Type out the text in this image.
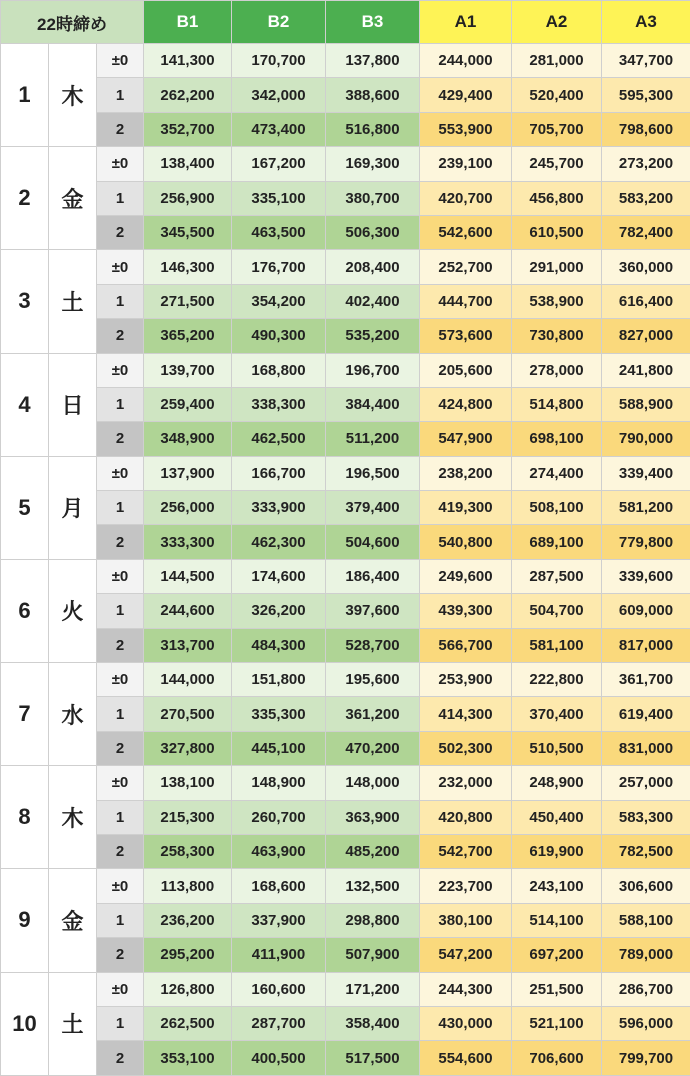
22時締め			B1	B2	B3	A1	A2	A3
1	木	±0	141,300	170,700	137,800	244,000	281,000	347,700
		1	262,200	342,000	388,600	429,400	520,400	595,300
		2	352,700	473,400	516,800	553,900	705,700	798,600
2	金	±0	138,400	167,200	169,300	239,100	245,700	273,200
		1	256,900	335,100	380,700	420,700	456,800	583,200
		2	345,500	463,500	506,300	542,600	610,500	782,400
3	土	±0	146,300	176,700	208,400	252,700	291,000	360,000
		1	271,500	354,200	402,400	444,700	538,900	616,400
		2	365,200	490,300	535,200	573,600	730,800	827,000
4	日	±0	139,700	168,800	196,700	205,600	278,000	241,800
		1	259,400	338,300	384,400	424,800	514,800	588,900
		2	348,900	462,500	511,200	547,900	698,100	790,000
5	月	±0	137,900	166,700	196,500	238,200	274,400	339,400
		1	256,000	333,900	379,400	419,300	508,100	581,200
		2	333,300	462,300	504,600	540,800	689,100	779,800
6	火	±0	144,500	174,600	186,400	249,600	287,500	339,600
		1	244,600	326,200	397,600	439,300	504,700	609,000
		2	313,700	484,300	528,700	566,700	581,100	817,000
7	水	±0	144,000	151,800	195,600	253,900	222,800	361,700
		1	270,500	335,300	361,200	414,300	370,400	619,400
		2	327,800	445,100	470,200	502,300	510,500	831,000
8	木	±0	138,100	148,900	148,000	232,000	248,900	257,000
		1	215,300	260,700	363,900	420,800	450,400	583,300
		2	258,300	463,900	485,200	542,700	619,900	782,500
9	金	±0	113,800	168,600	132,500	223,700	243,100	306,600
		1	236,200	337,900	298,800	380,100	514,100	588,100
		2	295,200	411,900	507,900	547,200	697,200	789,000
10	土	±0	126,800	160,600	171,200	244,300	251,500	286,700
		1	262,500	287,700	358,400	430,000	521,100	596,000
		2	353,100	400,500	517,500	554,600	706,600	799,700
